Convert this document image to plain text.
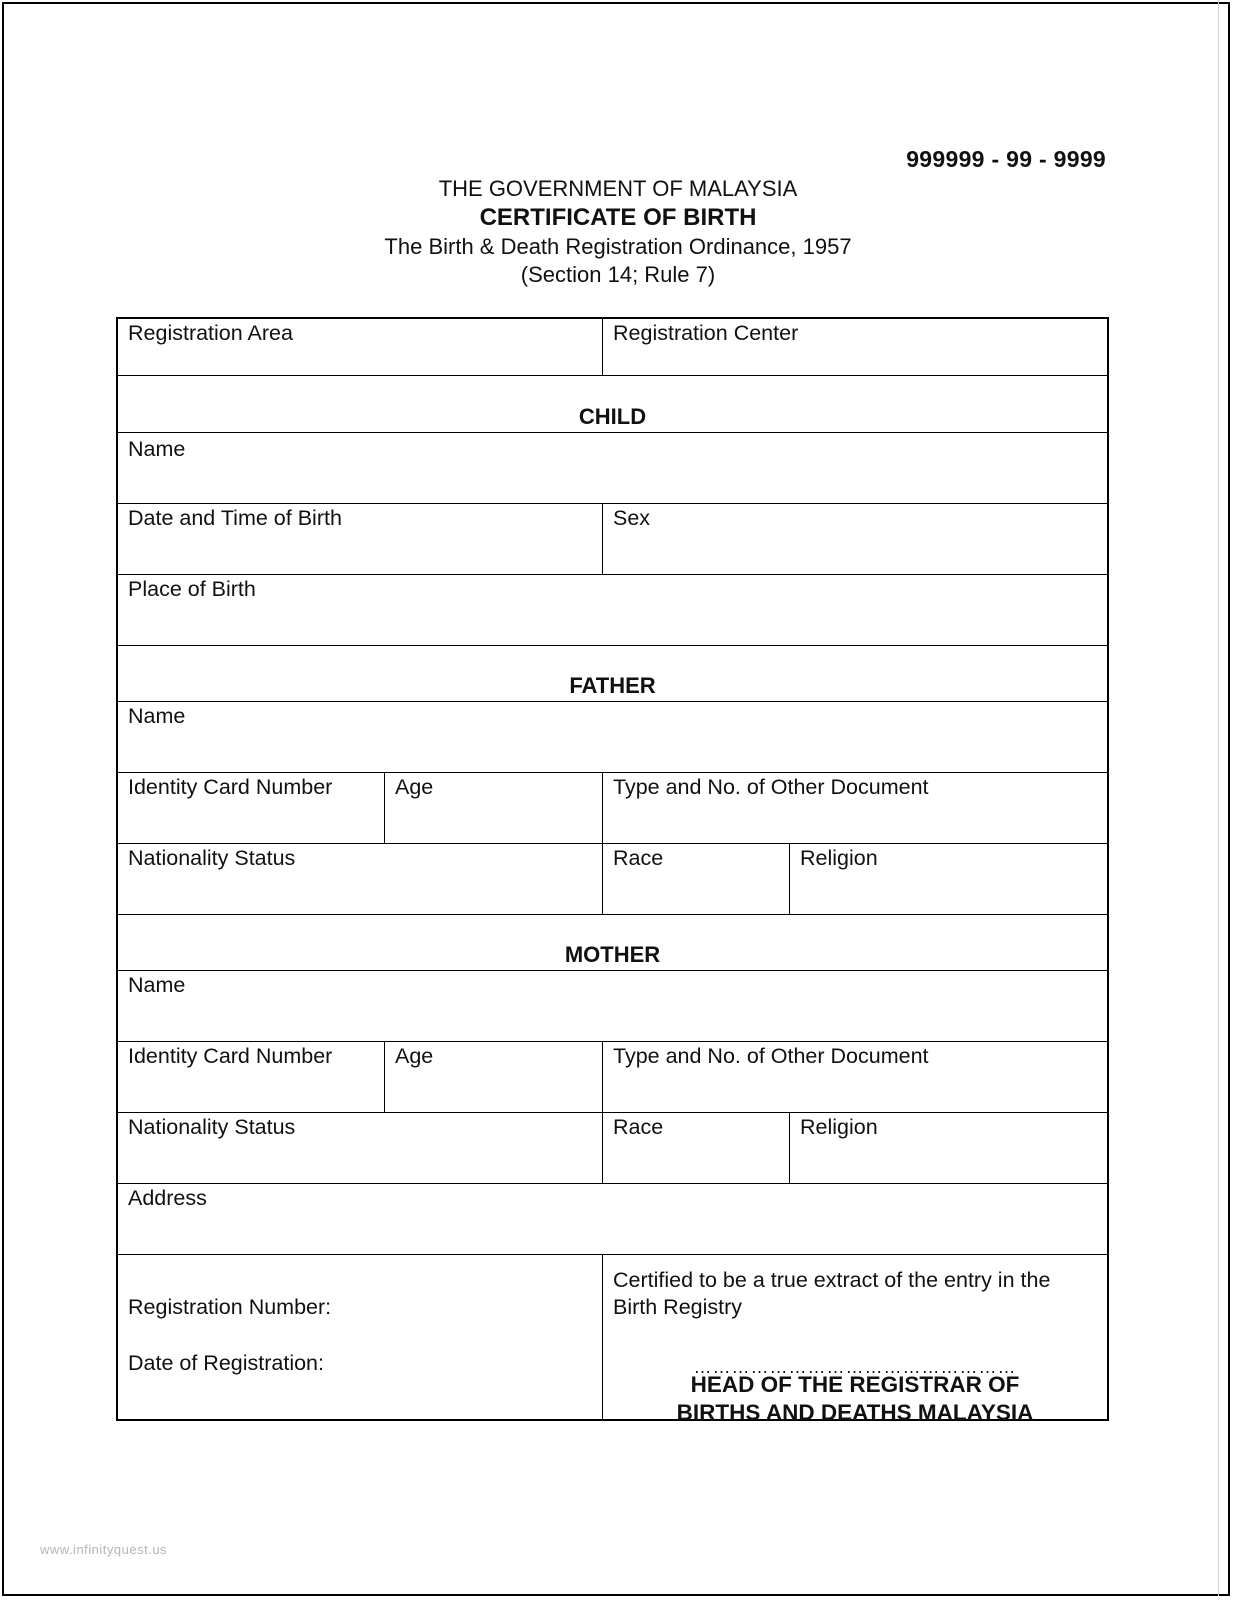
999999 - 99 - 9999
THE GOVERNMENT OF MALAYSIA
CERTIFICATE OF BIRTH
The Birth & Death Registration Ordinance, 1957
(Section 14; Rule 7)
Registration Area	Registration Center
CHILD
Name
Date and Time of Birth	Sex
Place of Birth
FATHER
Name
Identity Card Number	Age	Type and No. of Other Document
Nationality Status	Race	Religion
MOTHER
Name
Identity Card Number	Age	Type and No. of Other Document
Nationality Status	Race	Religion
Address
Registration Number:
Date of Registration:
Certified to be a true extract of the entry in the Birth Registry
……………………………………………
HEAD OF THE REGISTRAR OF
BIRTHS AND DEATHS MALAYSIA
www.infinityquest.us
